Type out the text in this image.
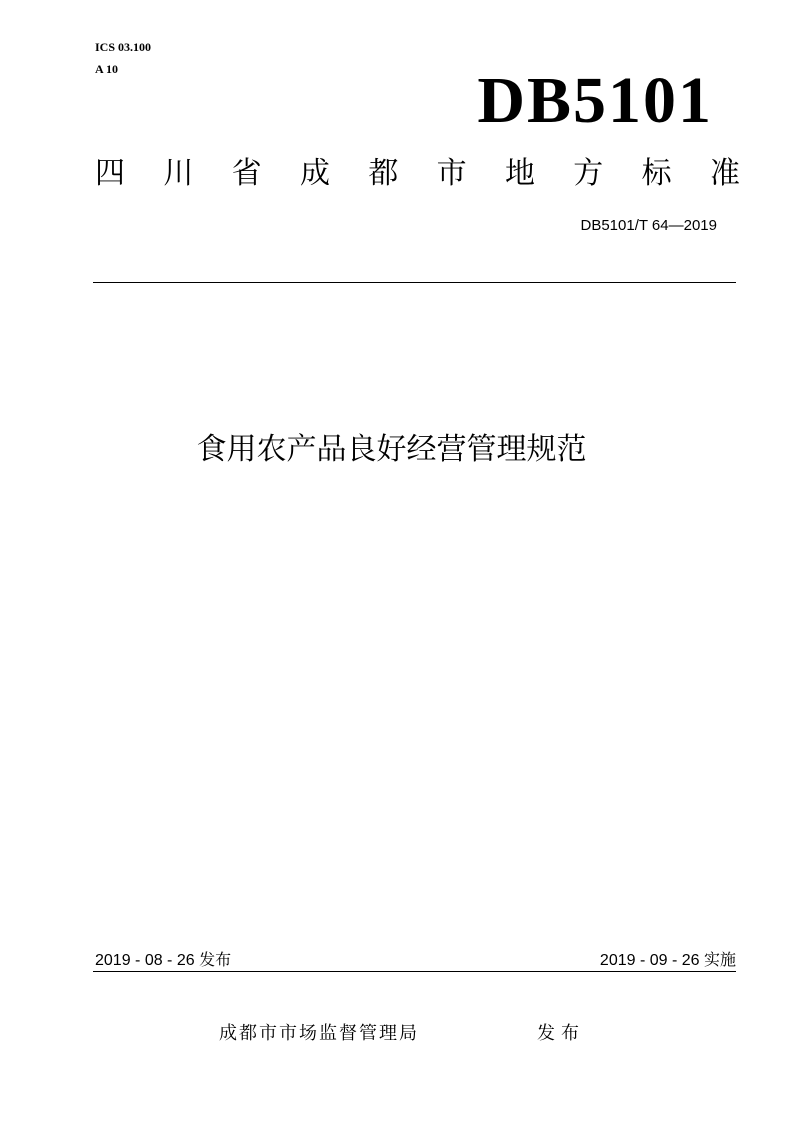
ICS 03.100
A 10	DB5101
四 川 省 成 都 市 地 方 标 准
DB5101/T 64—2019
食用农产品良好经营管理规范
2019 - 08 - 26 发布	2019 - 09 - 26 实施
成都市市场监督管理局	发布
